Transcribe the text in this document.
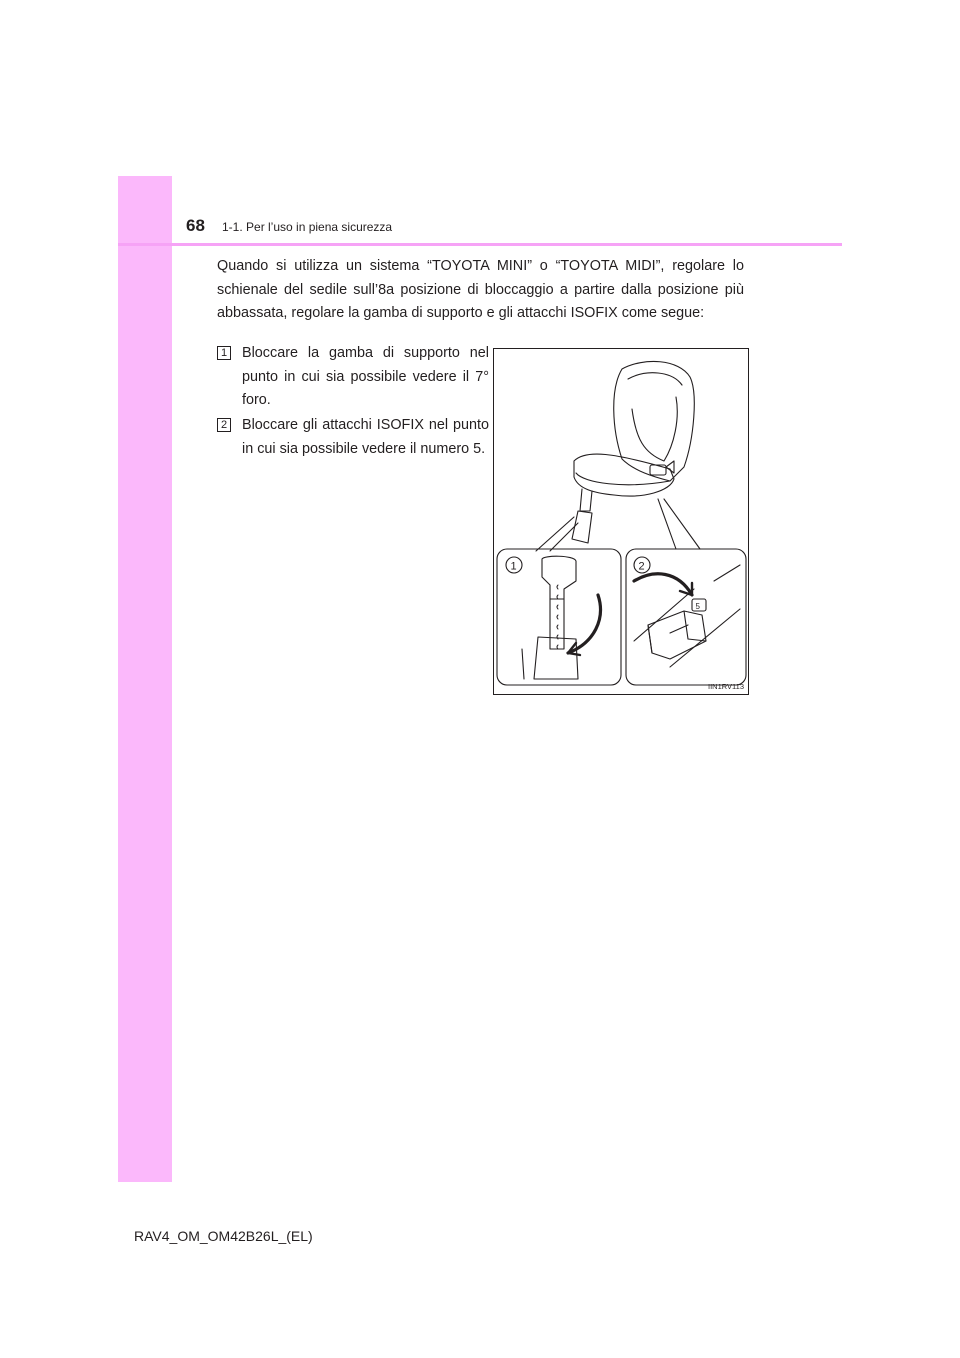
68 1-1. Per l’uso in piena sicurezza

Quando si utilizza un sistema “TOYOTA MINI” o “TOYOTA MIDI”, regolare lo schienale del sedile sull’8a posizione di bloccaggio a partire dalla posizione più abbassata, regolare la gamba di supporto e gli attacchi ISOFIX come segue:

1 Bloccare la gamba di supporto nel punto in cui sia possibile vedere il 7° foro.
2 Bloccare gli attacchi ISOFIX nel punto in cui sia possibile vedere il numero 5.
1	2
5
IIN1RV113
RAV4_OM_OM42B26L_(EL)
